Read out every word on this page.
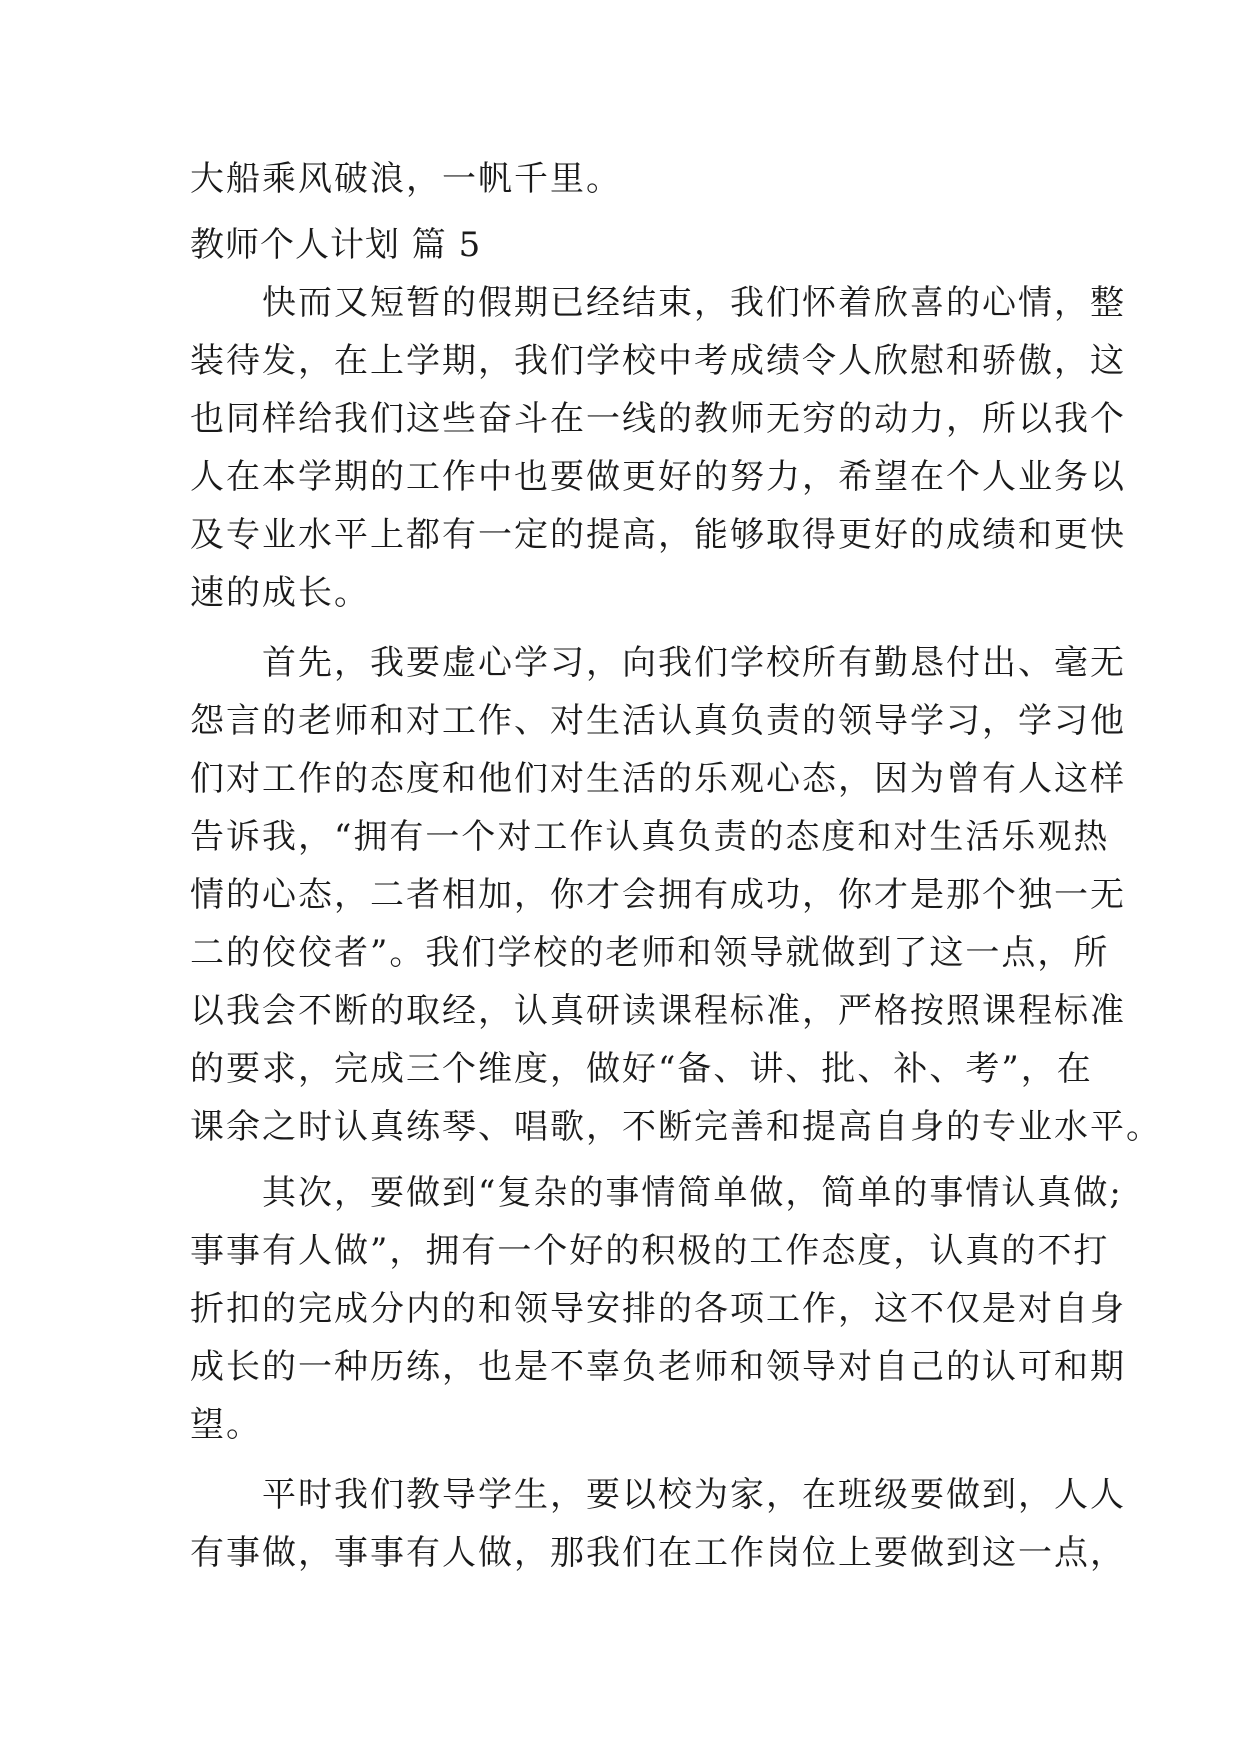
大船乘风破浪，一帆千里。
教师个人计划 篇 5
　　快而又短暂的假期已经结束，我们怀着欣喜的心情，整
装待发，在上学期，我们学校中考成绩令人欣慰和骄傲，这
也同样给我们这些奋斗在一线的教师无穷的动力，所以我个
人在本学期的工作中也要做更好的努力，希望在个人业务以
及专业水平上都有一定的提高，能够取得更好的成绩和更快
速的成长。
　　首先，我要虚心学习，向我们学校所有勤恳付出、毫无
怨言的老师和对工作、对生活认真负责的领导学习，学习他
们对工作的态度和他们对生活的乐观心态，因为曾有人这样
告诉我，“拥有一个对工作认真负责的态度和对生活乐观热
情的心态，二者相加，你才会拥有成功，你才是那个独一无
二的佼佼者”。我们学校的老师和领导就做到了这一点，所
以我会不断的取经，认真研读课程标准，严格按照课程标准
的要求，完成三个维度，做好“备、讲、批、补、考”，在
课余之时认真练琴、唱歌，不断完善和提高自身的专业水平。
　　其次，要做到“复杂的事情简单做，简单的事情认真做;
事事有人做”，拥有一个好的积极的工作态度，认真的不打
折扣的完成分内的和领导安排的各项工作，这不仅是对自身
成长的一种历练，也是不辜负老师和领导对自己的认可和期
望。
　　平时我们教导学生，要以校为家，在班级要做到，人人
有事做，事事有人做，那我们在工作岗位上要做到这一点，
